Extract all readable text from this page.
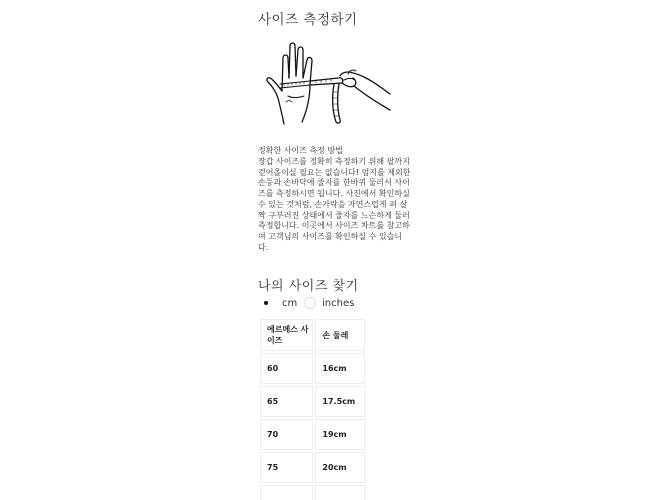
사이즈 측정하기
정확한 사이즈 측정 방법
장갑 사이즈를 정확히 측정하기 위해 팔까지
걷어올이실 필요는 없습니다! 엄지를 제외한
손등과 손바닥에 줄자를 한바퀴 둘러서 사이
즈를 측정하시면 됩니다. 사진에서 확인하실
수 있는 것처럼, 손가락을 자연스럽게 펴 살
짝 구부러진 상태에서 줄자를 느슨하게 둘러
측정합니다. 이곳에서 사이즈 차트를 참고하
여 고객님의 사이즈를 확인하실 수 있습니
다.
나의 사이즈 찾기
cm inches
에르메스 사이즈	손 둘레
60	16cm
65	17.5cm
70	19cm
75	20cm
